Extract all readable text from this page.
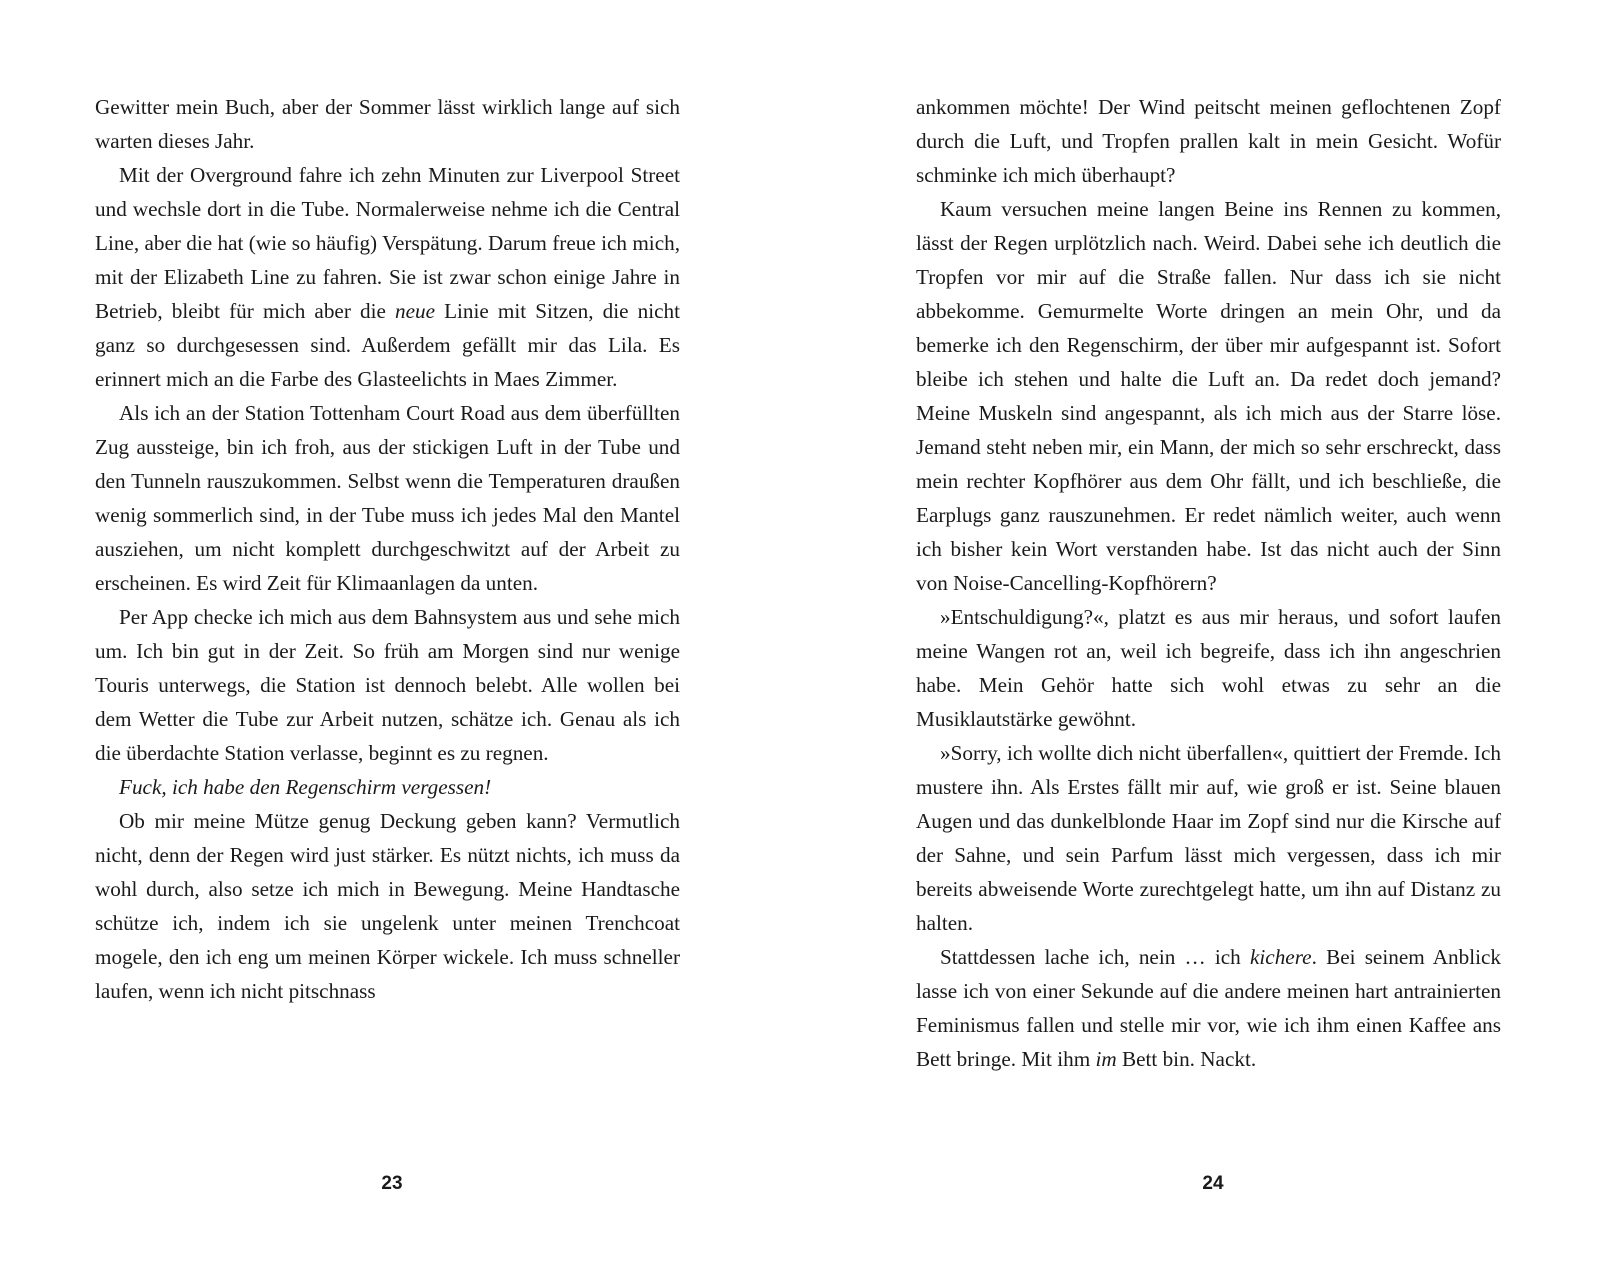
Gewitter mein Buch, aber der Sommer lässt wirklich lange auf sich warten dieses Jahr.

Mit der Overground fahre ich zehn Minuten zur Liverpool Street und wechsle dort in die Tube. Normalerweise nehme ich die Central Line, aber die hat (wie so häufig) Verspätung. Darum freue ich mich, mit der Elizabeth Line zu fahren. Sie ist zwar schon einige Jahre in Betrieb, bleibt für mich aber die neue Linie mit Sitzen, die nicht ganz so durchgesessen sind. Außerdem gefällt mir das Lila. Es erinnert mich an die Farbe des Glasteelichts in Maes Zimmer.

Als ich an der Station Tottenham Court Road aus dem überfüllten Zug aussteige, bin ich froh, aus der stickigen Luft in der Tube und den Tunneln rauszukommen. Selbst wenn die Temperaturen draußen wenig sommerlich sind, in der Tube muss ich jedes Mal den Mantel ausziehen, um nicht komplett durchgeschwitzt auf der Arbeit zu erscheinen. Es wird Zeit für Klimaanlagen da unten.

Per App checke ich mich aus dem Bahnsystem aus und sehe mich um. Ich bin gut in der Zeit. So früh am Morgen sind nur wenige Touris unterwegs, die Station ist dennoch belebt. Alle wollen bei dem Wetter die Tube zur Arbeit nutzen, schätze ich. Genau als ich die überdachte Station verlasse, beginnt es zu regnen.

Fuck, ich habe den Regenschirm vergessen!

Ob mir meine Mütze genug Deckung geben kann? Vermutlich nicht, denn der Regen wird just stärker. Es nützt nichts, ich muss da wohl durch, also setze ich mich in Bewegung. Meine Handtasche schütze ich, indem ich sie ungelenk unter meinen Trenchcoat mogele, den ich eng um meinen Körper wickele. Ich muss schneller laufen, wenn ich nicht pitschnass

ankommen möchte! Der Wind peitscht meinen geflochtenen Zopf durch die Luft, und Tropfen prallen kalt in mein Gesicht. Wofür schminke ich mich überhaupt?

Kaum versuchen meine langen Beine ins Rennen zu kommen, lässt der Regen urplötzlich nach. Weird. Dabei sehe ich deutlich die Tropfen vor mir auf die Straße fallen. Nur dass ich sie nicht abbekomme. Gemurmelte Worte dringen an mein Ohr, und da bemerke ich den Regenschirm, der über mir aufgespannt ist. Sofort bleibe ich stehen und halte die Luft an. Da redet doch jemand? Meine Muskeln sind angespannt, als ich mich aus der Starre löse. Jemand steht neben mir, ein Mann, der mich so sehr erschreckt, dass mein rechter Kopfhörer aus dem Ohr fällt, und ich beschließe, die Earplugs ganz rauszunehmen. Er redet nämlich weiter, auch wenn ich bisher kein Wort verstanden habe. Ist das nicht auch der Sinn von Noise-Cancelling-Kopfhörern?

»Entschuldigung?«, platzt es aus mir heraus, und sofort laufen meine Wangen rot an, weil ich begreife, dass ich ihn angeschrien habe. Mein Gehör hatte sich wohl etwas zu sehr an die Musiklautstärke gewöhnt.

»Sorry, ich wollte dich nicht überfallen«, quittiert der Fremde. Ich mustere ihn. Als Erstes fällt mir auf, wie groß er ist. Seine blauen Augen und das dunkelblonde Haar im Zopf sind nur die Kirsche auf der Sahne, und sein Parfum lässt mich vergessen, dass ich mir bereits abweisende Worte zurechtgelegt hatte, um ihn auf Distanz zu halten.

Stattdessen lache ich, nein … ich kichere. Bei seinem Anblick lasse ich von einer Sekunde auf die andere meinen hart antrainierten Feminismus fallen und stelle mir vor, wie ich ihm einen Kaffee ans Bett bringe. Mit ihm im Bett bin. Nackt.

23	24
